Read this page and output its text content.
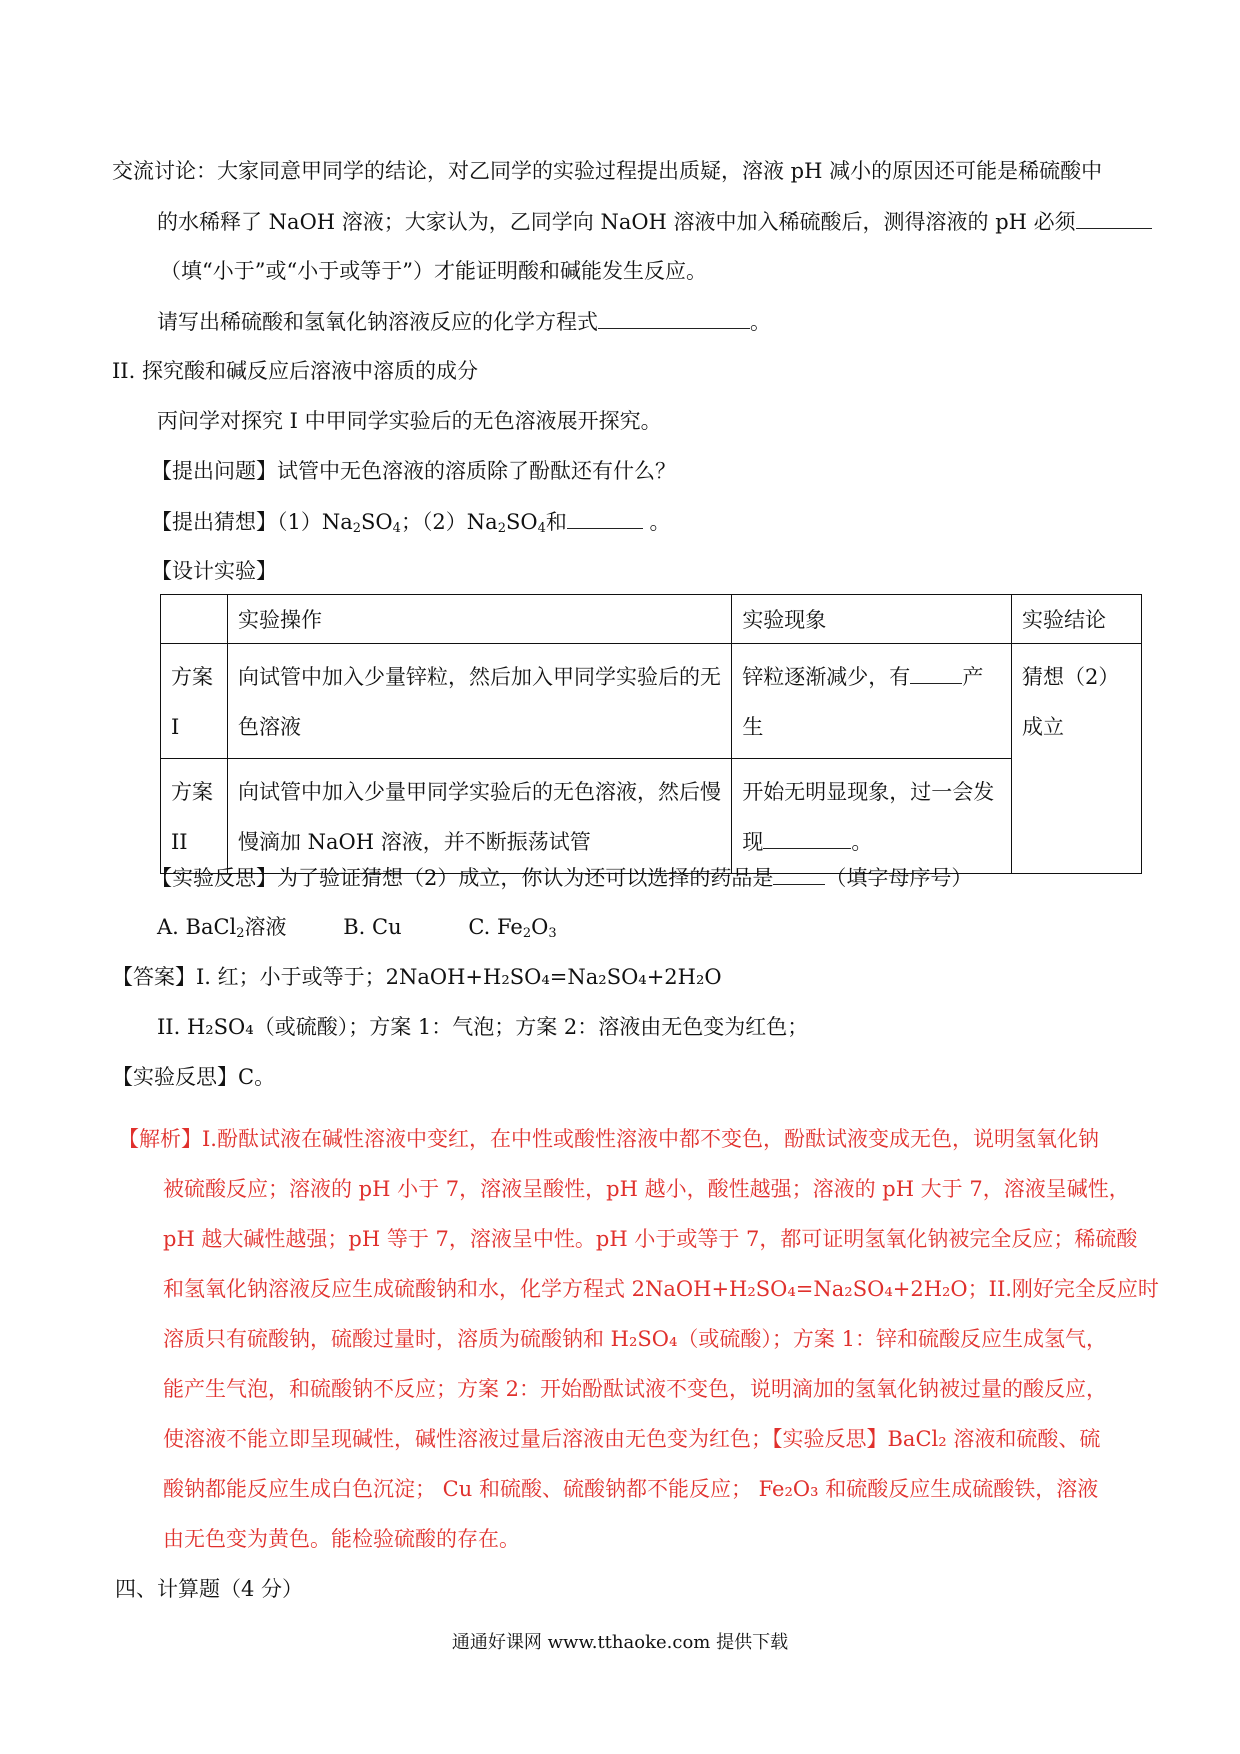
交流讨论：大家同意甲同学的结论，对乙同学的实验过程提出质疑，溶液 pH 减小的原因还可能是稀硫酸中
的水稀释了 NaOH 溶液；大家认为，乙同学向 NaOH 溶液中加入稀硫酸后，测得溶液的 pH 必须
（填“小于”或“小于或等于”）才能证明酸和碱能发生反应。
请写出稀硫酸和氢氧化钠溶液反应的化学方程式	。
II. 探究酸和碱反应后溶液中溶质的成分
丙问学对探究 I 中甲同学实验后的无色溶液展开探究。
【提出问题】试管中无色溶液的溶质除了酚酞还有什么？
【提出猜想】$(1)Na_2SO_4$；$(2)Na_2SO_4$和	。
【设计实验】
	实验操作	实验现象	实验结论
方案 I	向试管中加入少量锌粒，然后加入甲同学实验后的无色溶液	锌粒逐渐减少，有 产生	猜想（2）成立
方案 II	向试管中加入少量甲同学实验后的无色溶液，然后慢慢滴加 NaOH 溶液，并不断振荡试管	开始无明显现象，过一会发现 。	
【实验反思】为了验证猜想（2）成立，你认为还可以选择的药品是 （填字母序号）
A. BaCl$_2$溶液	B. Cu	C. $Fe_2O_3$
【答案】I. 红；小于或等于；2NaOH+H₂SO₄=Na₂SO₄+2H₂O
II. H₂SO₄（或硫酸）；方案 1：气泡；方案 2：溶液由无色变为红色；
【实验反思】C。
【解析】I.酚酞试液在碱性溶液中变红，在中性或酸性溶液中都不变色，酚酞试液变成无色，说明氢氧化钠
被硫酸反应；溶液的 pH 小于 7，溶液呈酸性，pH 越小，酸性越强；溶液的 pH 大于 7，溶液呈碱性，
pH 越大碱性越强；pH 等于 7，溶液呈中性。pH 小于或等于 7，都可证明氢氧化钠被完全反应；稀硫酸
和氢氧化钠溶液反应生成硫酸钠和水，化学方程式 2NaOH+H₂SO₄=Na₂SO₄+2H₂O；II.刚好完全反应时
溶质只有硫酸钠，硫酸过量时，溶质为硫酸钠和 H₂SO₄（或硫酸）；方案 1：锌和硫酸反应生成氢气，
能产生气泡，和硫酸钠不反应；方案 2：开始酚酞试液不变色，说明滴加的氢氧化钠被过量的酸反应，
使溶液不能立即呈现碱性，碱性溶液过量后溶液由无色变为红色；【实验反思】BaCl₂ 溶液和硫酸、硫
酸钠都能反应生成白色沉淀； Cu 和硫酸、硫酸钠都不能反应； Fe₂O₃ 和硫酸反应生成硫酸铁，溶液
由无色变为黄色。能检验硫酸的存在。
四、计算题（4 分）
通通好课网 www.tthaoke.com 提供下载
